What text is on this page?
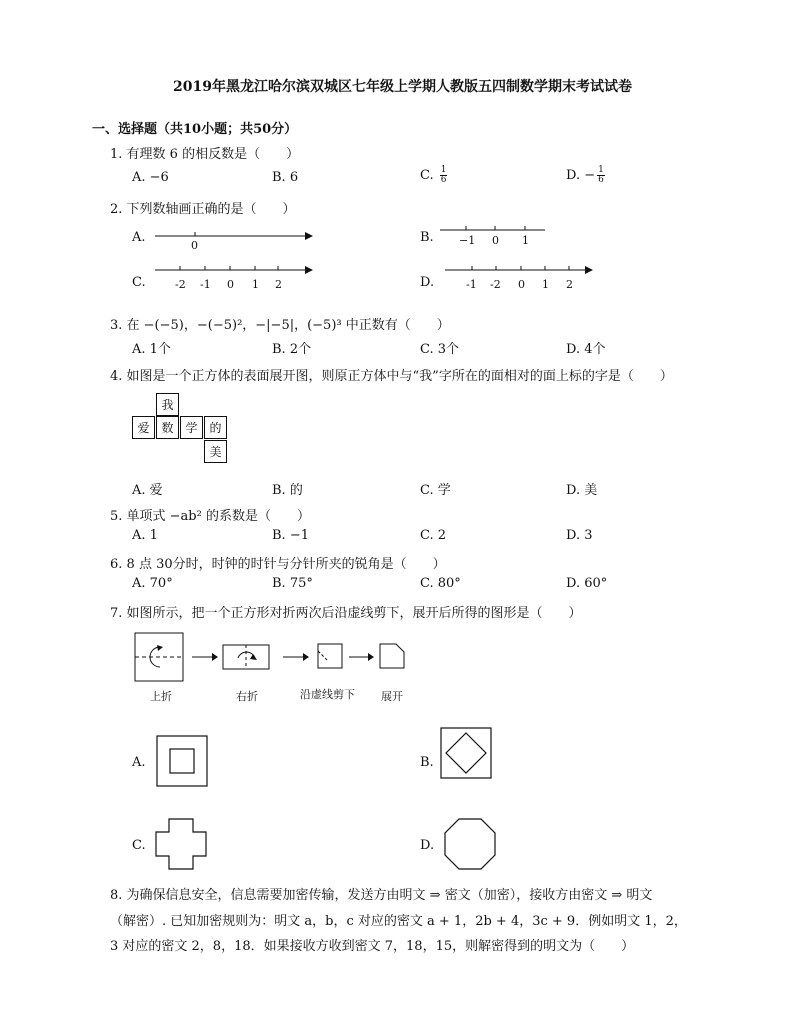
2019年黑龙江哈尔滨双城区七年级上学期人教版五四制数学期末考试试卷
一、选择题（共10小题；共50分）
1. 有理数 6 的相反数是（　　）
A. −6	B. 6	C. $\frac{1}{6}$	D. − $\frac{1}{6}$
2. 下列数轴画正确的是（　　）
A.	B.
C.	D.
0	−1 0 1
-2 -1 0 1 2	-1 -2 0 1 2
3. 在 −(−5)，−(−5)²，−|−5|，(−5)³ 中正数有（　　）
A. 1个	B. 2个	C. 3个	D. 4个
4. 如图是一个正方体的表面展开图，则原正方体中与“我”字所在的面相对的面上标的字是（　　）
我
爱 数 学 的
美
A. 爱	B. 的	C. 学	D. 美
5. 单项式 −ab² 的系数是（　　）
A. 1	B. −1	C. 2	D. 3
6. 8 点 30分时，时钟的时针与分针所夹的锐角是（　　）
A. 70°	B. 75°	C. 80°	D. 60°
7. 如图所示，把一个正方形对折两次后沿虚线剪下，展开后所得的图形是（　　）
上折	右折	沿虚线剪下 展开
A.	B.
C.	D.
8. 为确保信息安全，信息需要加密传输，发送方由明文 ⇒ 密文（加密），接收方由密文 ⇒ 明文
（解密）. 已知加密规则为：明文 a，b，c 对应的密文 a + 1，2b + 4，3c + 9．例如明文 1，2，
3 对应的密文 2，8，18．如果接收方收到密文 7，18，15，则解密得到的明文为（　　）
